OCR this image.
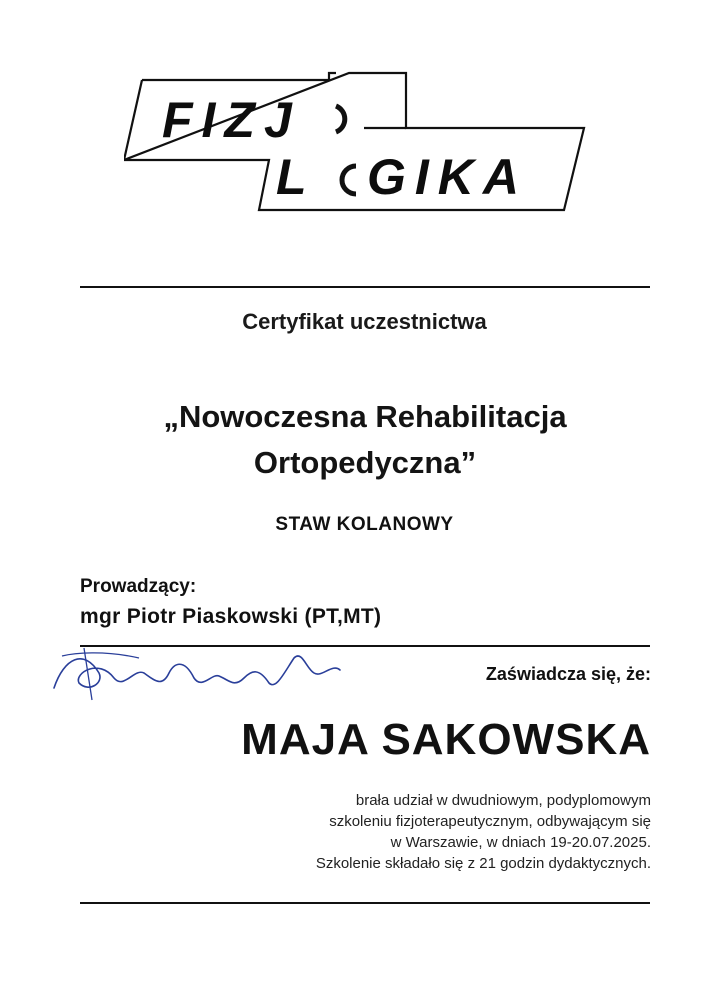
FIZJ
L GIKA
Certyfikat uczestnictwa
„Nowoczesna Rehabilitacja
Ortopedyczna”
STAW KOLANOWY
Prowadzący:
mgr Piotr Piaskowski (PT,MT)
Zaświadcza się, że:
MAJA SAKOWSKA
brała udział w dwudniowym, podyplomowym
szkoleniu fizjoterapeutycznym, odbywającym się
w Warszawie, w dniach 19-20.07.2025.
Szkolenie składało się z 21 godzin dydaktycznych.
